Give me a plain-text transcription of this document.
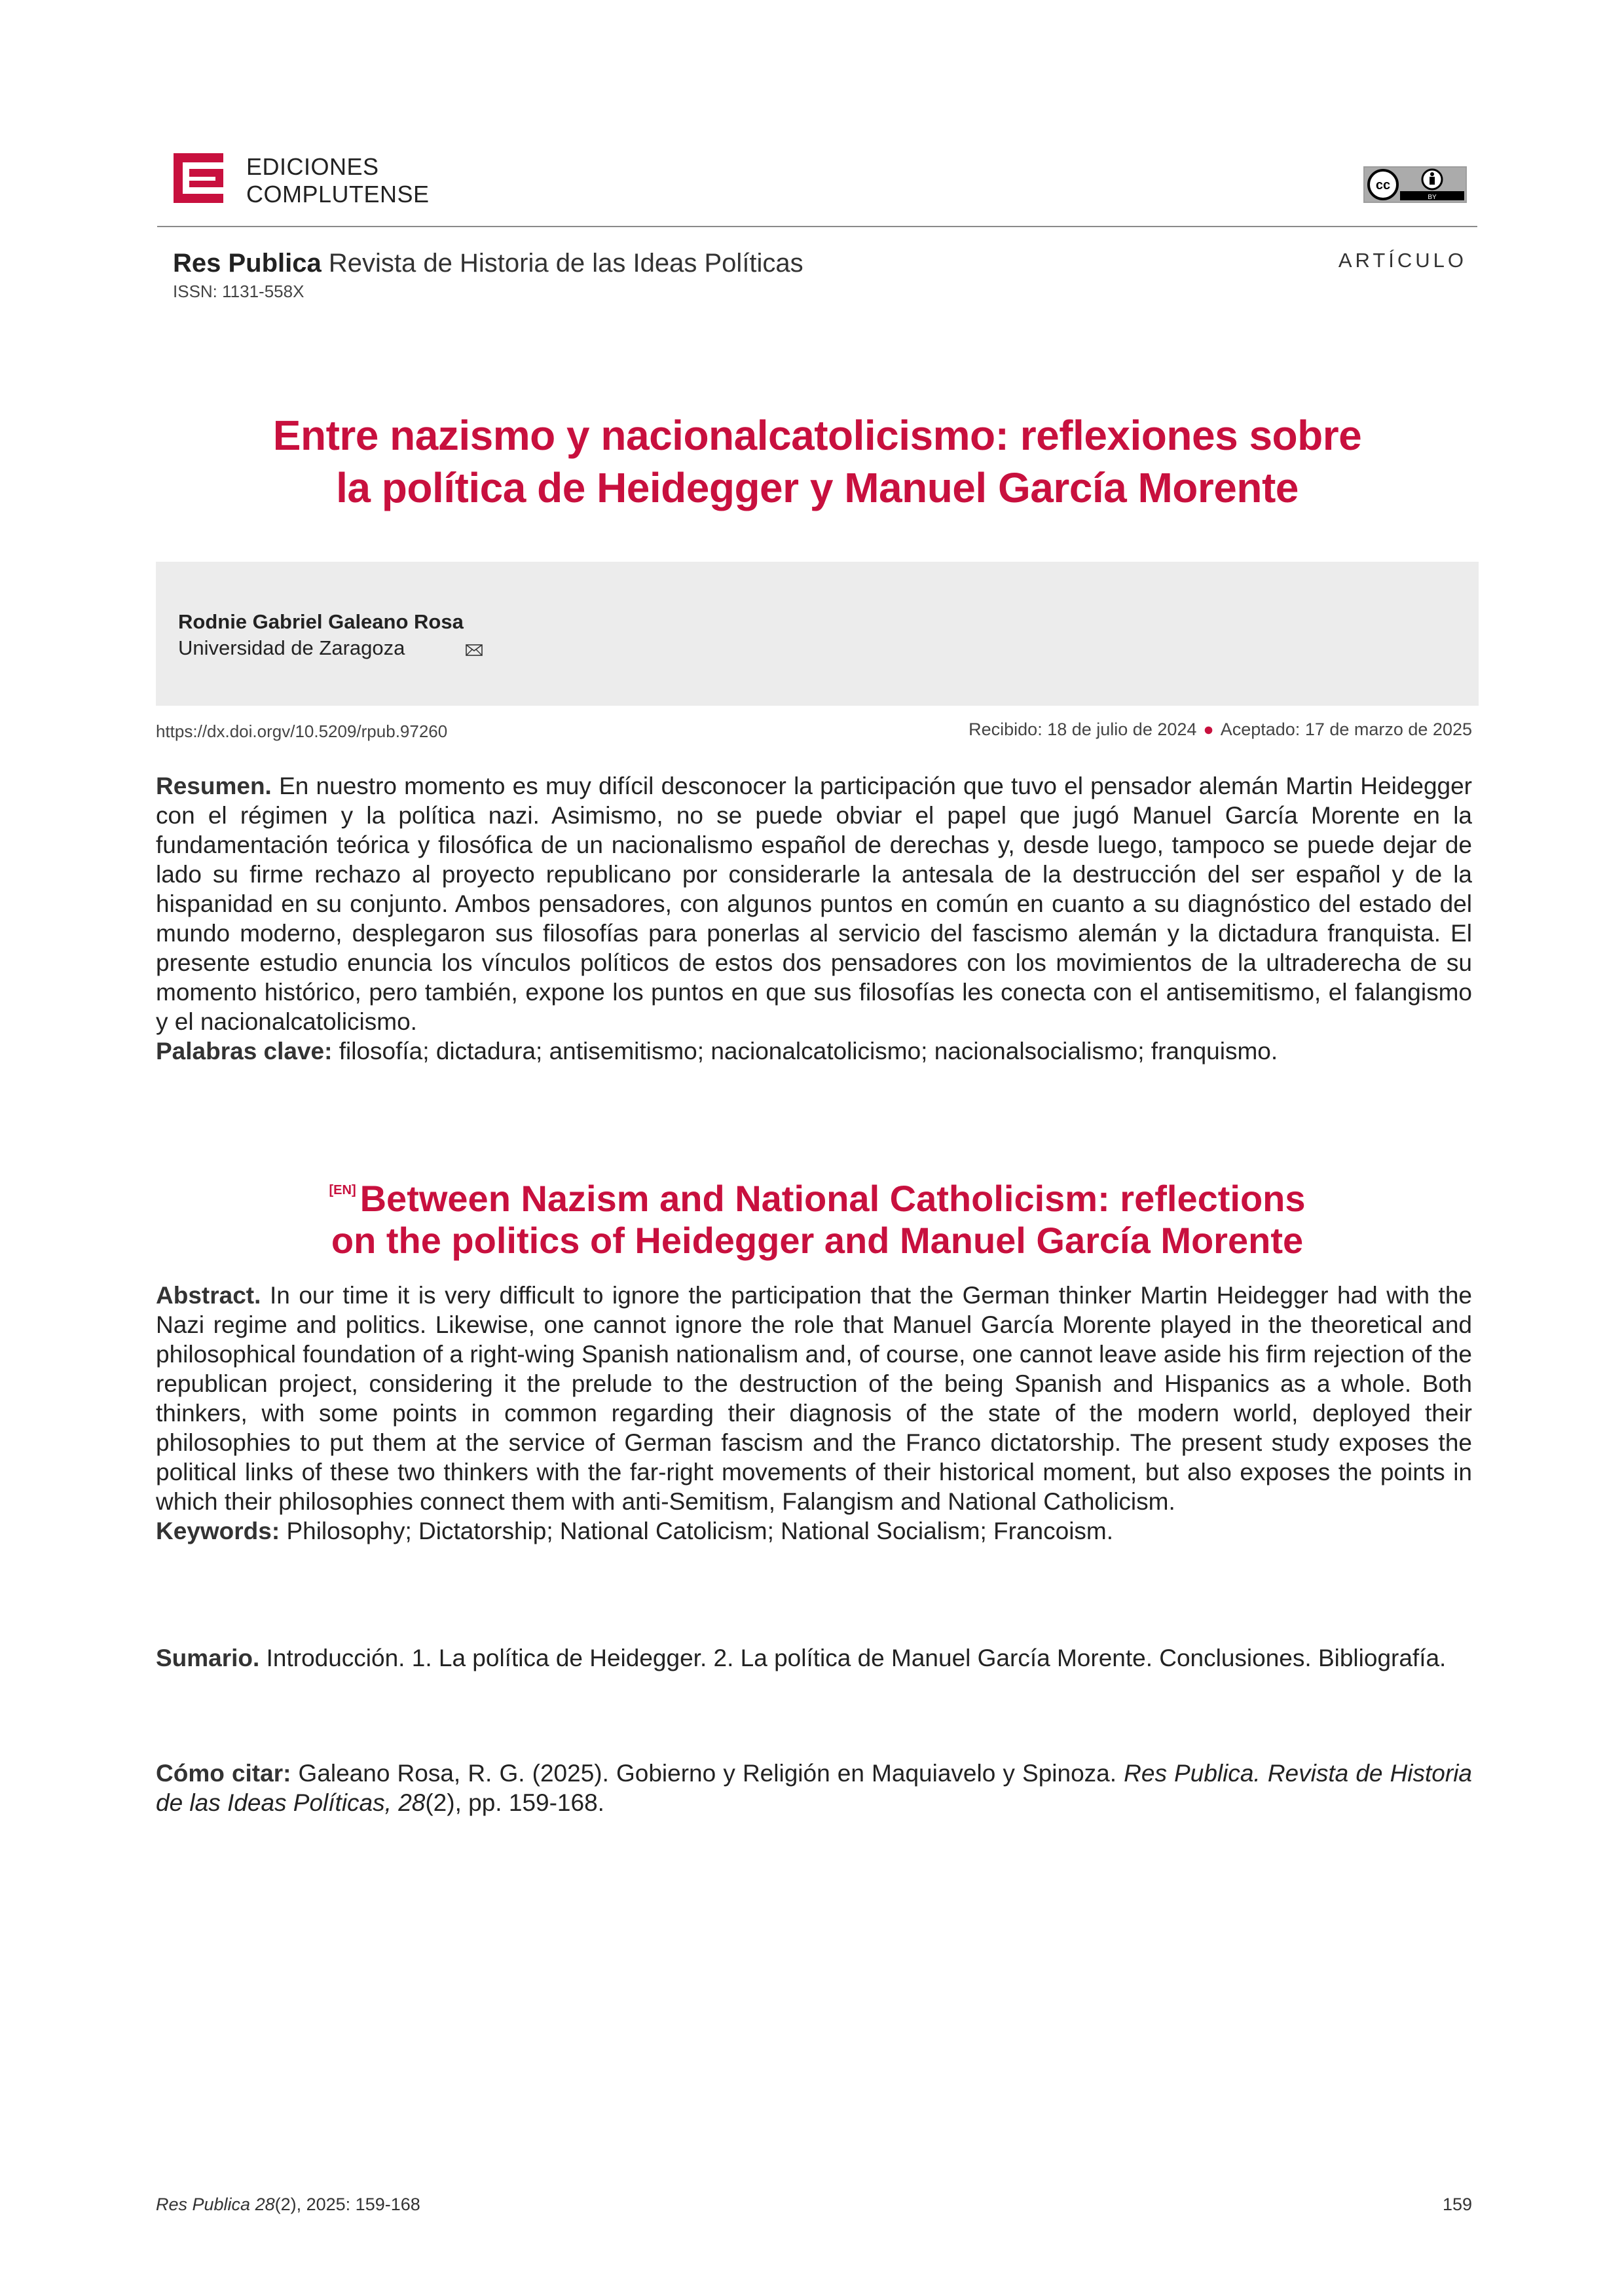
EDICIONES
COMPLUTENSE	cc
BY
Res Publica Revista de Historia de las Ideas Políticas
ISSN: 1131-558X
ARTÍCULO
Entre nazismo y nacionalcatolicismo: reflexiones sobre
la política de Heidegger y Manuel García Morente
Rodnie Gabriel Galeano Rosa
Universidad de Zaragoza
https://dx.doi.orgv/10.5209/rpub.97260	Recibido: 18 de julio de 2024 ● Aceptado: 17 de marzo de 2025
Resumen. En nuestro momento es muy difícil desconocer la participación que tuvo el pensador alemán Martin Heidegger con el régimen y la política nazi. Asimismo, no se puede obviar el papel que jugó Manuel García Morente en la fundamentación teórica y filosófica de un nacionalismo español de derechas y, desde luego, tampoco se puede dejar de lado su firme rechazo al proyecto republicano por considerarle la antesala de la destrucción del ser español y de la hispanidad en su conjunto. Ambos pensadores, con algunos puntos en común en cuanto a su diagnóstico del estado del mundo moderno, desplegaron sus filosofías para ponerlas al servicio del fascismo alemán y la dictadura franquista. El presente estudio enuncia los vínculos políticos de estos dos pensadores con los movimientos de la ultraderecha de su momento histórico, pero también, expone los puntos en que sus filosofías les conecta con el antisemitismo, el falangismo y el nacionalcatolicismo.
Palabras clave: filosofía; dictadura; antisemitismo; nacionalcatolicismo; nacionalsocialismo; franquismo.
[EN] Between Nazism and National Catholicism: reflections
on the politics of Heidegger and Manuel García Morente
Abstract. In our time it is very difficult to ignore the participation that the German thinker Martin Heidegger had with the Nazi regime and politics. Likewise, one cannot ignore the role that Manuel García Morente played in the theoretical and philosophical foundation of a right-wing Spanish nationalism and, of course, one cannot leave aside his firm rejection of the republican project, considering it the prelude to the destruction of the being Spanish and Hispanics as a whole. Both thinkers, with some points in common regarding their diagnosis of the state of the modern world, deployed their philosophies to put them at the service of German fascism and the Franco dictatorship. The present study exposes the political links of these two thinkers with the far-right movements of their historical moment, but also exposes the points in which their philosophies connect them with anti-Semitism, Falangism and National Catholicism.
Keywords: Philosophy; Dictatorship; National Catolicism; National Socialism; Francoism.
Sumario. Introducción. 1. La política de Heidegger. 2. La política de Manuel García Morente. Conclusiones. Bibliografía.
Cómo citar: Galeano Rosa, R. G. (2025). Gobierno y Religión en Maquiavelo y Spinoza. Res Publica. Revista de Historia de las Ideas Políticas, 28(2), pp. 159-168.
Res Publica 28(2), 2025: 159-168	159
